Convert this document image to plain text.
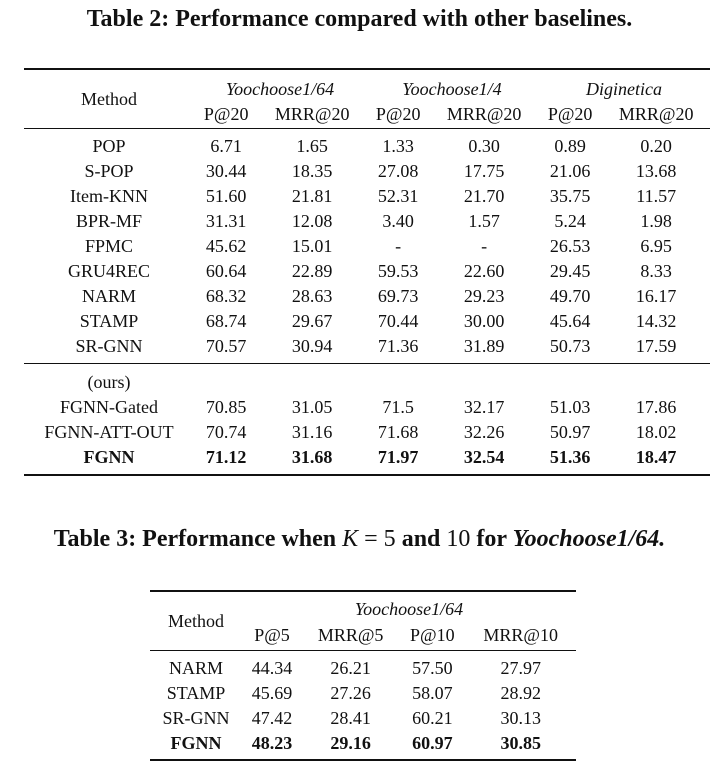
Table 2: Performance compared with other baselines.
Method	Yoochoose1/64		Yoochoose1/4		Diginetica	
	P@20	MRR@20	P@20	MRR@20	P@20	MRR@20
POP	6.71	1.65	1.33	0.30	0.89	0.20
S-POP	30.44	18.35	27.08	17.75	21.06	13.68
Item-KNN	51.60	21.81	52.31	21.70	35.75	11.57
BPR-MF	31.31	12.08	3.40	1.57	5.24	1.98
FPMC	45.62	15.01	-	-	26.53	6.95
GRU4REC	60.64	22.89	59.53	22.60	29.45	8.33
NARM	68.32	28.63	69.73	29.23	49.70	16.17
STAMP	68.74	29.67	70.44	30.00	45.64	14.32
SR-GNN	70.57	30.94	71.36	31.89	50.73	17.59
(ours)						
FGNN-Gated	70.85	31.05	71.5	32.17	51.03	17.86
FGNN-ATT-OUT	70.74	31.16	71.68	32.26	50.97	18.02
FGNN	71.12	31.68	71.97	32.54	51.36	18.47
Table 3: Performance when K = 5 and 10 for Yoochoose1/64.
Method	Yoochoose1/64			
	P@5	MRR@5	P@10	MRR@10
NARM	44.34	26.21	57.50	27.97
STAMP	45.69	27.26	58.07	28.92
SR-GNN	47.42	28.41	60.21	30.13
FGNN	48.23	29.16	60.97	30.85
